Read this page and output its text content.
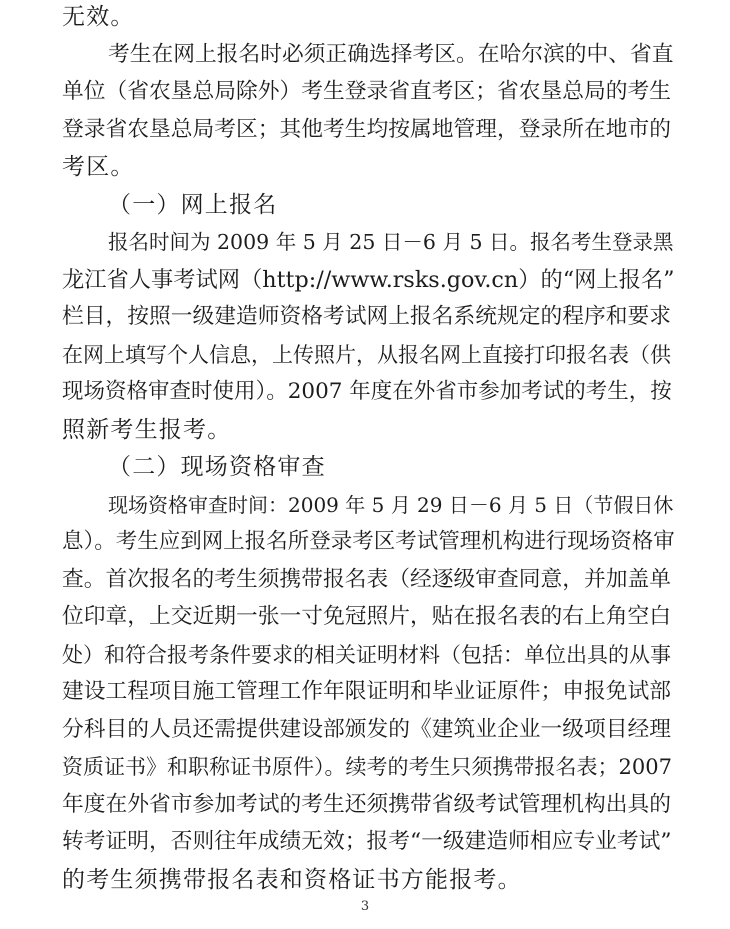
无效。
考生在网上报名时必须正确选择考区。在哈尔滨的中、省直
单位（省农垦总局除外）考生登录省直考区；省农垦总局的考生
登录省农垦总局考区；其他考生均按属地管理，登录所在地市的
考区。
（一）网上报名
报名时间为 2009 年 5 月 25 日－6 月 5 日。报名考生登录黑
龙江省人事考试网（http://www.rsks.gov.cn）的“网上报名”
栏目，按照一级建造师资格考试网上报名系统规定的程序和要求
在网上填写个人信息，上传照片，从报名网上直接打印报名表（供
现场资格审查时使用）。2007 年度在外省市参加考试的考生，按
照新考生报考。
（二）现场资格审查
现场资格审查时间：2009 年 5 月 29 日－6 月 5 日（节假日休
息）。考生应到网上报名所登录考区考试管理机构进行现场资格审
查。首次报名的考生须携带报名表（经逐级审查同意，并加盖单
位印章，上交近期一张一寸免冠照片，贴在报名表的右上角空白
处）和符合报考条件要求的相关证明材料（包括：单位出具的从事
建设工程项目施工管理工作年限证明和毕业证原件；申报免试部
分科目的人员还需提供建设部颁发的《建筑业企业一级项目经理
资质证书》和职称证书原件）。续考的考生只须携带报名表；2007
年度在外省市参加考试的考生还须携带省级考试管理机构出具的
转考证明，否则往年成绩无效；报考“一级建造师相应专业考试”
的考生须携带报名表和资格证书方能报考。
3
